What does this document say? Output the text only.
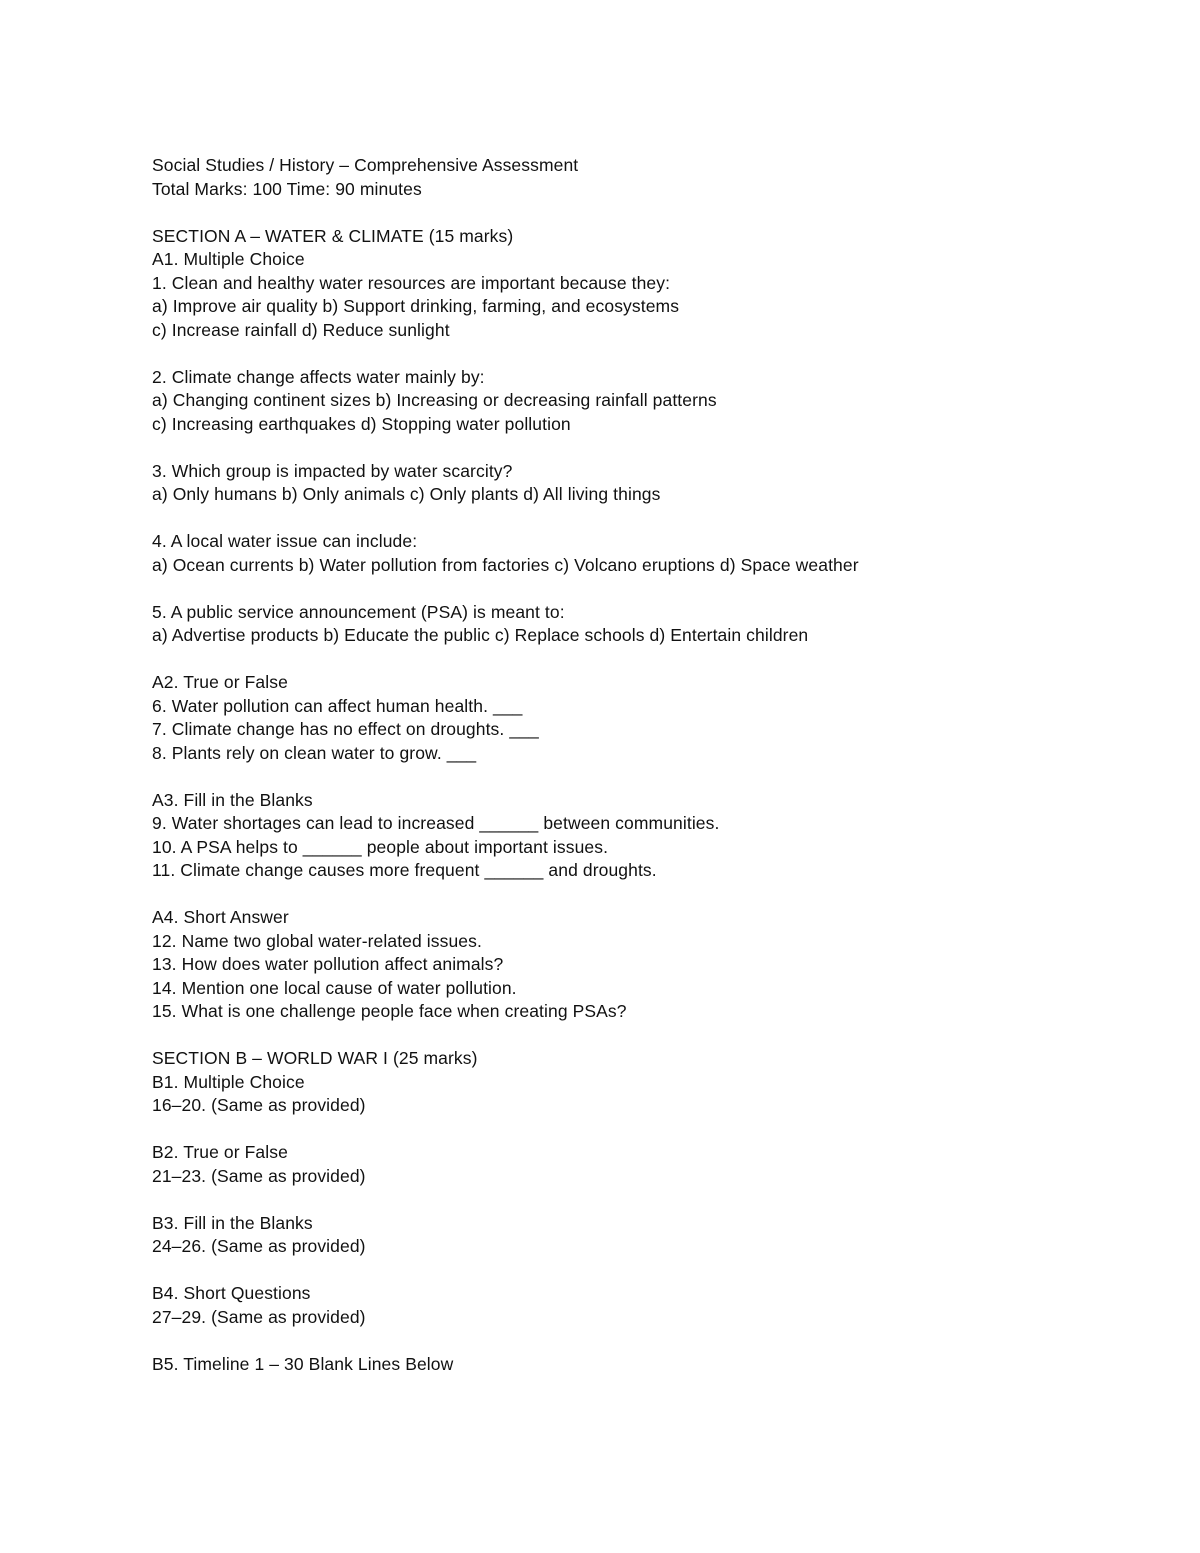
Social Studies / History – Comprehensive Assessment
Total Marks: 100 Time: 90 minutes
SECTION A – WATER & CLIMATE (15 marks)
A1. Multiple Choice
1. Clean and healthy water resources are important because they:
a) Improve air quality b) Support drinking, farming, and ecosystems
c) Increase rainfall d) Reduce sunlight
2. Climate change affects water mainly by:
a) Changing continent sizes b) Increasing or decreasing rainfall patterns
c) Increasing earthquakes d) Stopping water pollution
3. Which group is impacted by water scarcity?
a) Only humans b) Only animals c) Only plants d) All living things
4. A local water issue can include:
a) Ocean currents b) Water pollution from factories c) Volcano eruptions d) Space weather
5. A public service announcement (PSA) is meant to:
a) Advertise products b) Educate the public c) Replace schools d) Entertain children
A2. True or False
6. Water pollution can affect human health. ___
7. Climate change has no effect on droughts. ___
8. Plants rely on clean water to grow. ___
A3. Fill in the Blanks
9. Water shortages can lead to increased ______ between communities.
10. A PSA helps to ______ people about important issues.
11. Climate change causes more frequent ______ and droughts.
A4. Short Answer
12. Name two global water-related issues.
13. How does water pollution affect animals?
14. Mention one local cause of water pollution.
15. What is one challenge people face when creating PSAs?
SECTION B – WORLD WAR I (25 marks)
B1. Multiple Choice
16–20. (Same as provided)
B2. True or False
21–23. (Same as provided)
B3. Fill in the Blanks
24–26. (Same as provided)
B4. Short Questions
27–29. (Same as provided)
B5. Timeline 1 – 30 Blank Lines Below
